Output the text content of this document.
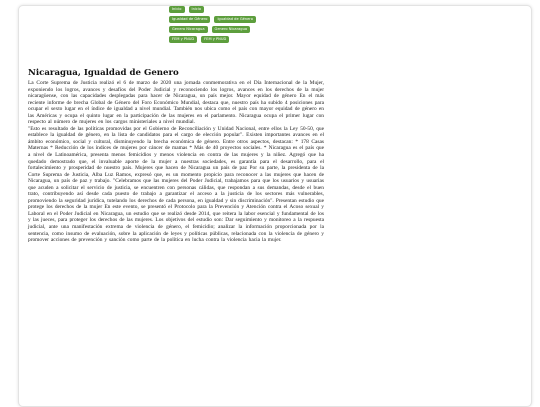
Inicio	Inicio
Igualdad de Género	Igualdad de Género
Genero Nicaragua	Genero Nicaragua
FEM y PNUD	FEM y PNUD
Nicaragua, Igualdad de Genero

La Corte Suprema de Justicia realizó el 6 de marzo de 2020 una jornada conmemorativa en el Día Internacional de la Mujer, exponiendo los logros, avances y desafíos del Poder Judicial y reconociendo los logros, avances en los derechos de la mujer nicaragüense, con las capacidades desplegadas para hacer de Nicaragua, un país mejor. Mayor equidad de género En el más reciente informe de brecha Global de Género del Foro Económico Mundial, destaca que, nuestro país ha subido 4 posiciones para ocupar el sexto lugar en el índice de igualdad a nivel mundial. También nos ubica como el país con mayor equidad de género en las Américas y ocupa el quinto lugar en la participación de las mujeres en el parlamento. Nicaragua ocupa el primer lugar con respecto al número de mujeres en los cargos ministeriales a nivel mundial.

"Esto es resultado de las políticas promovidas por el Gobierno de Reconciliación y Unidad Nacional, entre ellos la Ley 50-50, que establece la igualdad de género, en la lista de candidatos para el cargo de elección popular". Existen importantes avances en el ámbito económico, social y cultural, disminuyendo la brecha económica de género. Entre otros aspectos, destacan: * 178 Casas Maternas * Reducción de los índices de mujeres por cáncer de mamas * Más de 40 proyectos sociales. * Nicaragua es el país que a nivel de Latinoamérica, presenta menos femicidios y menos violencia en contra de las mujeres y la niñez. Agregó que ha quedado demostrado que, el invaluable aporte de la mujer a nuestras sociedades, es garantía para el desarrollo, para el fortalecimiento y prosperidad de nuestro país. Mujeres que hacen de Nicaragua un país de paz Por su parte, la presidenta de la Corte Suprema de Justicia, Alba Luz Ramos, expresó que, es un momento propicio para reconocer a las mujeres que hacen de Nicaragua, un país de paz y trabajo. "Celebramos que las mujeres del Poder Judicial, trabajamos para que los usuarios y usuarias que acuden a solicitar el servicio de justicia, se encuentren con personas cálidas, que respondan a sus demandas, desde el buen trato, contribuyendo así desde cada puesto de trabajo a garantizar el acceso a la justicia de los sectores más vulnerables, promoviendo la seguridad jurídica, tutelando los derechos de cada persona, en igualdad y sin discriminación". Presentan estudio que protege los derechos de la mujer En este evento, se presentó el Protocolo para la Prevención y Atención contra el Acoso sexual y Laboral en el Poder Judicial en Nicaragua, un estudio que se realizó desde 2014, que reitera la labor esencial y fundamental de los y las jueces, para proteger los derechos de las mujeres. Los objetivos del estudio son: Dar seguimiento y monitoreo a la respuesta judicial, ante una manifestación extrema de violencia de género, el femicidio; analizar la información proporcionada por la sentencia, como insumo de evaluación, sobre la aplicación de leyes y políticas públicas, relacionada con la violencia de género y promover acciones de prevención y sanción como parte de la política en lucha contra la violencia hacia la mujer.
